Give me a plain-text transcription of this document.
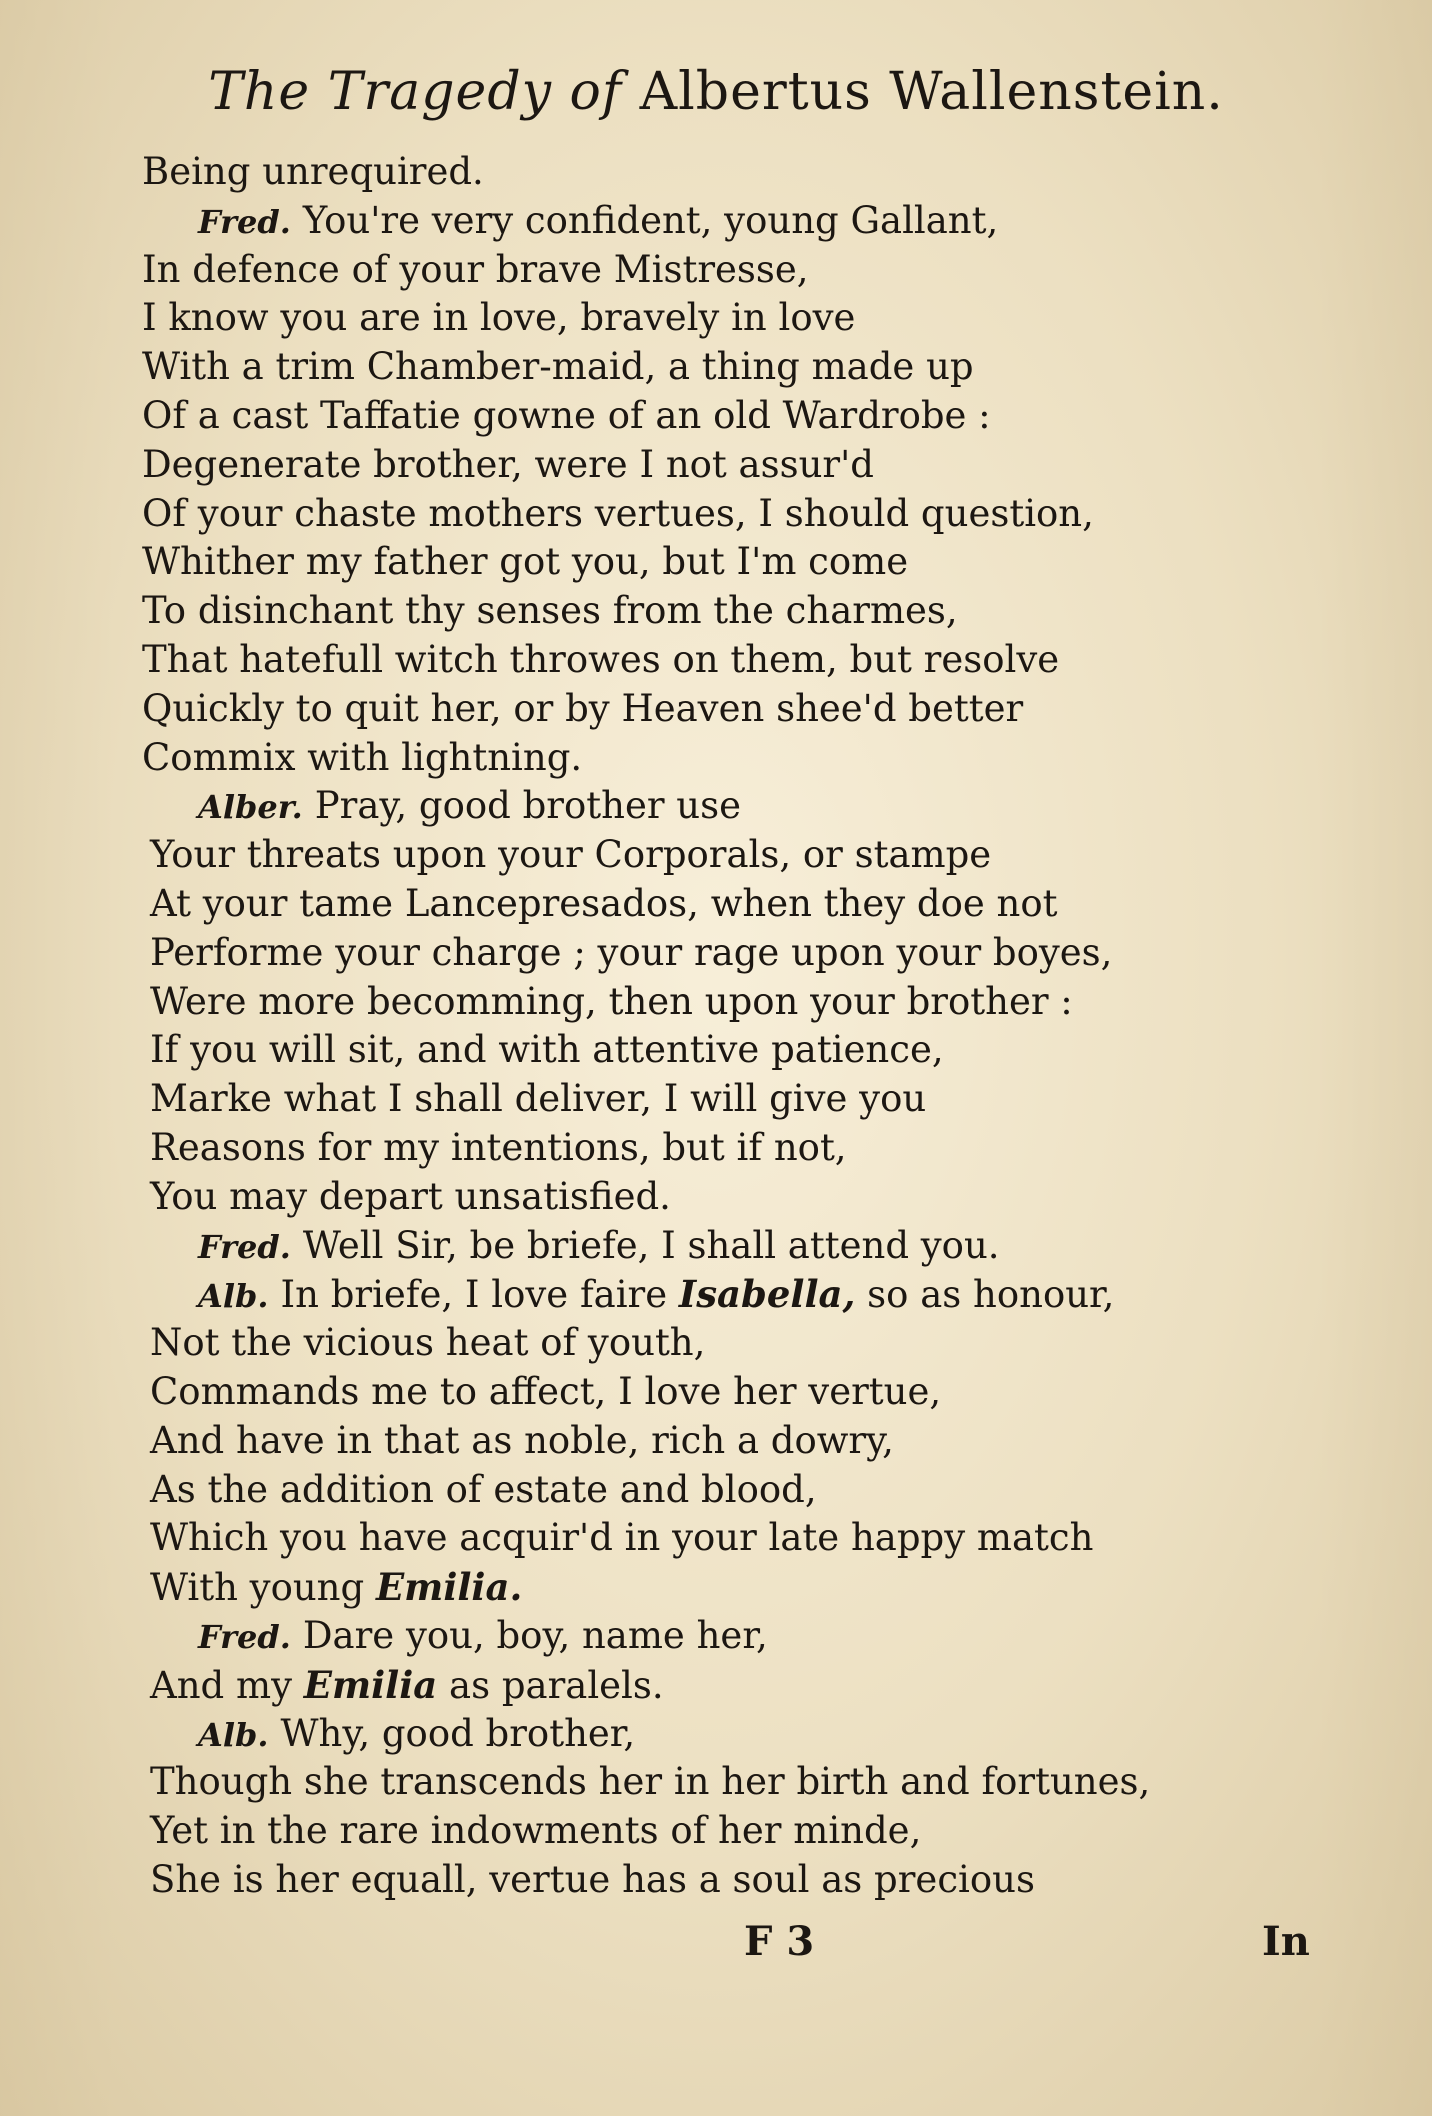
The Tragedy of Albertus Wallenstein.
Being unrequired.
Fred. You're very confident, young Gallant,
In defence of your brave Mistresse,
I know you are in love, bravely in love
With a trim Chamber-maid, a thing made up
Of a cast Taffatie gowne of an old Wardrobe :
Degenerate brother, were I not assur'd
Of your chaste mothers vertues, I should question,
Whither my father got you, but I'm come
To disinchant thy senses from the charmes,
That hatefull witch throwes on them, but resolve
Quickly to quit her, or by Heaven shee'd better
Commix with lightning.
Alber. Pray, good brother use
Your threats upon your Corporals, or stampe
At your tame Lancepresados, when they doe not
Performe your charge ; your rage upon your boyes,
Were more becomming, then upon your brother :
If you will sit, and with attentive patience,
Marke what I shall deliver, I will give you
Reasons for my intentions, but if not,
You may depart unsatisfied.
Fred. Well Sir, be briefe, I shall attend you.
Alb. In briefe, I love faire Isabella, so as honour,
Not the vicious heat of youth,
Commands me to affect, I love her vertue,
And have in that as noble, rich a dowry,
As the addition of estate and blood,
Which you have acquir'd in your late happy match
With young Emilia.
Fred. Dare you, boy, name her,
And my Emilia as paralels.
Alb. Why, good brother,
Though she transcends her in her birth and fortunes,
Yet in the rare indowments of her minde,
She is her equall, vertue has a soul as precious
F 3	In
